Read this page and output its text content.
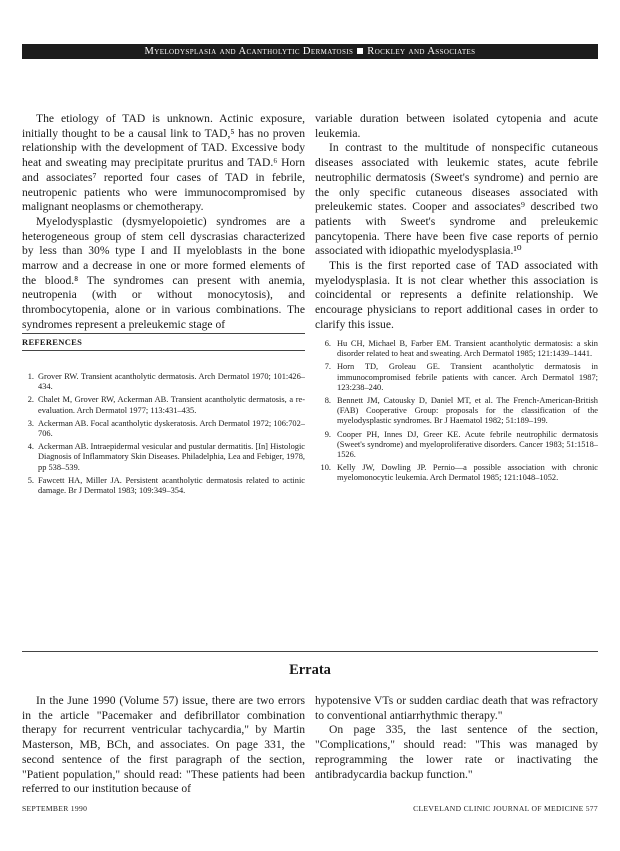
Myelodysplasia and Acantholytic Dermatosis Rockley and Associates

The etiology of TAD is unknown. Actinic exposure, initially thought to be a causal link to TAD,⁵ has no proven relationship with the development of TAD. Excessive body heat and sweating may precipitate pruritus and TAD.⁶ Horn and associates⁷ reported four cases of TAD in febrile, neutropenic patients who were immunocompromised by malignant neoplasms or chemotherapy.

Myelodysplastic (dysmyelopoietic) syndromes are a heterogeneous group of stem cell dyscrasias characterized by less than 30% type I and II myeloblasts in the bone marrow and a decrease in one or more formed elements of the blood.⁸ The syndromes can present with anemia, neutropenia (with or without monocytosis), and thrombocytopenia, alone or in various combinations. The syndromes represent a preleukemic stage of

variable duration between isolated cytopenia and acute leukemia.

In contrast to the multitude of nonspecific cutaneous diseases associated with leukemic states, acute febrile neutrophilic dermatosis (Sweet's syndrome) and pernio are the only specific cutaneous diseases associated with preleukemic states. Cooper and associates⁹ described two patients with Sweet's syndrome and preleukemic pancytopenia. There have been five case reports of pernio associated with idiopathic myelodysplasia.¹⁰

This is the first reported case of TAD associated with myelodysplasia. It is not clear whether this association is coincidental or represents a definite relationship. We encourage physicians to report additional cases in order to clarify this issue.

REFERENCES
1. Grover RW. Transient acantholytic dermatosis. Arch Dermatol 1970; 101:426–434.
2. Chalet M, Grover RW, Ackerman AB. Transient acantholytic dermatosis, a re-evaluation. Arch Dermatol 1977; 113:431–435.
3. Ackerman AB. Focal acantholytic dyskeratosis. Arch Dermatol 1972; 106:702–706.
4. Ackerman AB. Intraepidermal vesicular and pustular dermatitis. [In] Histologic Diagnosis of Inflammatory Skin Diseases. Philadelphia, Lea and Febiger, 1978, pp 538–539.
5. Fawcett HA, Miller JA. Persistent acantholytic dermatosis related to actinic damage. Br J Dermatol 1983; 109:349–354.
6. Hu CH, Michael B, Farber EM. Transient acantholytic dermatosis: a skin disorder related to heat and sweating. Arch Dermatol 1985; 121:1439–1441.
7. Horn TD, Groleau GE. Transient acantholytic dermatosis in immunocompromised febrile patients with cancer. Arch Dermatol 1987; 123:238–240.
8. Bennett JM, Catousky D, Daniel MT, et al. The French-American-British (FAB) Cooperative Group: proposals for the classification of the myelodysplastic syndromes. Br J Haematol 1982; 51:189–199.
9. Cooper PH, Innes DJ, Greer KE. Acute febrile neutrophilic dermatosis (Sweet's syndrome) and myeloproliferative disorders. Cancer 1983; 51:1518–1526.
10. Kelly JW, Dowling JP. Pernio—a possible association with chronic myelomonocytic leukemia. Arch Dermatol 1985; 121:1048–1052.
Errata

In the June 1990 (Volume 57) issue, there are two errors in the article "Pacemaker and defibrillator combination therapy for recurrent ventricular tachycardia," by Martin Masterson, MB, BCh, and associates. On page 331, the second sentence of the first paragraph of the section, "Patient population," should read: "These patients had been referred to our institution because of

hypotensive VTs or sudden cardiac death that was refractory to conventional antiarrhythmic therapy."

On page 335, the last sentence of the section, "Complications," should read: "This was managed by reprogramming the lower rate or inactivating the antibradycardia backup function."

SEPTEMBER 1990	CLEVELAND CLINIC JOURNAL OF MEDICINE 577
